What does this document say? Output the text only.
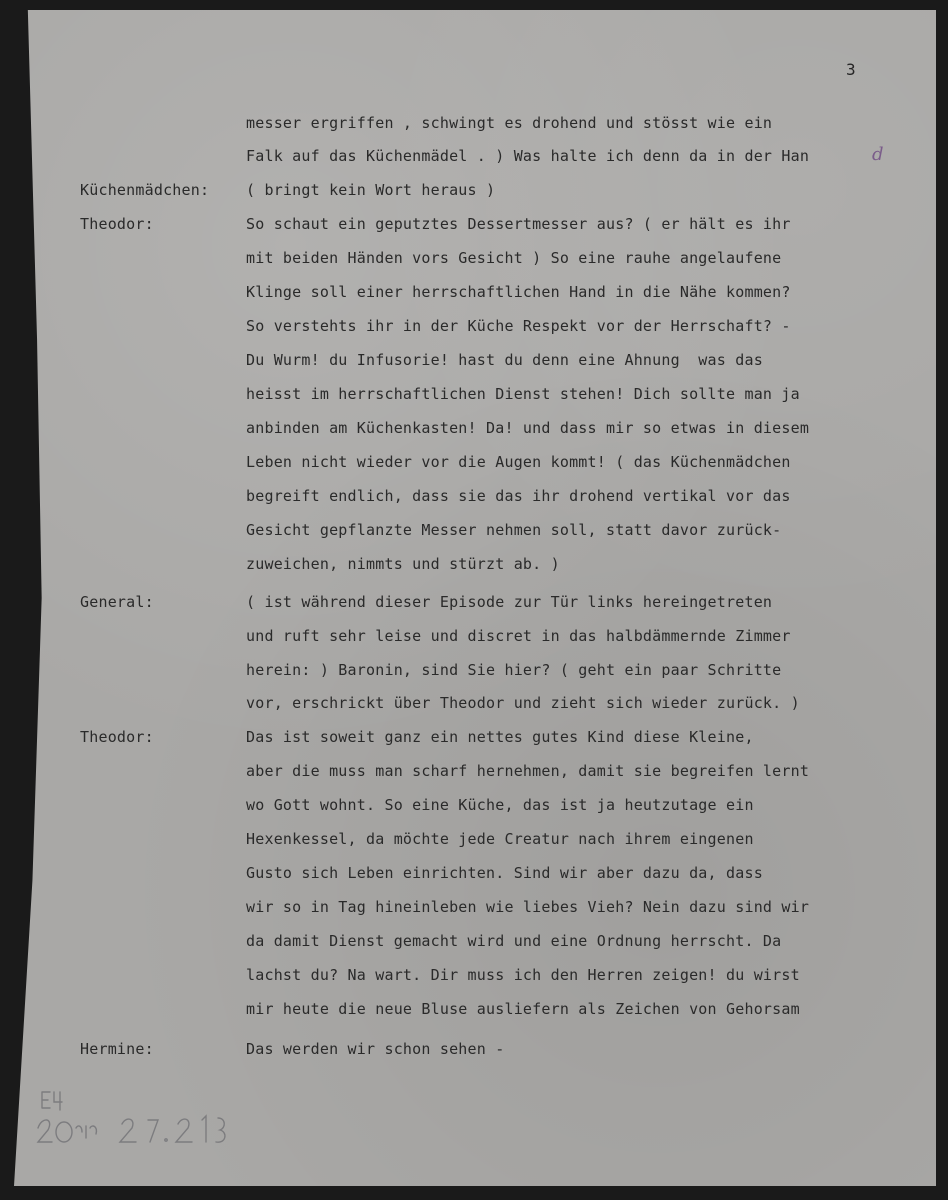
3
d
Küchenmädchen:
Theodor:
General:
Theodor:
Hermine:
messer ergriffen , schwingt es drohend und stösst wie ein
Falk auf das Küchenmädel . ) Was halte ich denn da in der Han
( bringt kein Wort heraus )
So schaut ein geputztes Dessertmesser aus? ( er hält es ihr
mit beiden Händen vors Gesicht ) So eine rauhe angelaufene
Klinge soll einer herrschaftlichen Hand in die Nähe kommen?
So verstehts ihr in der Küche Respekt vor der Herrschaft? -
Du Wurm! du Infusorie! hast du denn eine Ahnung  was das
heisst im herrschaftlichen Dienst stehen! Dich sollte man ja
anbinden am Küchenkasten! Da! und dass mir so etwas in diesem
Leben nicht wieder vor die Augen kommt! ( das Küchenmädchen
begreift endlich, dass sie das ihr drohend vertikal vor das
Gesicht gepflanzte Messer nehmen soll, statt davor zurück-
zuweichen, nimmts und stürzt ab. )
( ist während dieser Episode zur Tür links hereingetreten
und ruft sehr leise und discret in das halbdämmernde Zimmer
herein: ) Baronin, sind Sie hier? ( geht ein paar Schritte
vor, erschrickt über Theodor und zieht sich wieder zurück. )
Das ist soweit ganz ein nettes gutes Kind diese Kleine,
aber die muss man scharf hernehmen, damit sie begreifen lernt
wo Gott wohnt. So eine Küche, das ist ja heutzutage ein
Hexenkessel, da möchte jede Creatur nach ihrem eingenen
Gusto sich Leben einrichten. Sind wir aber dazu da, dass
wir so in Tag hineinleben wie liebes Vieh? Nein dazu sind wir
da damit Dienst gemacht wird und eine Ordnung herrscht. Da
lachst du? Na wart. Dir muss ich den Herren zeigen! du wirst
mir heute die neue Bluse ausliefern als Zeichen von Gehorsam
Das werden wir schon sehen -
